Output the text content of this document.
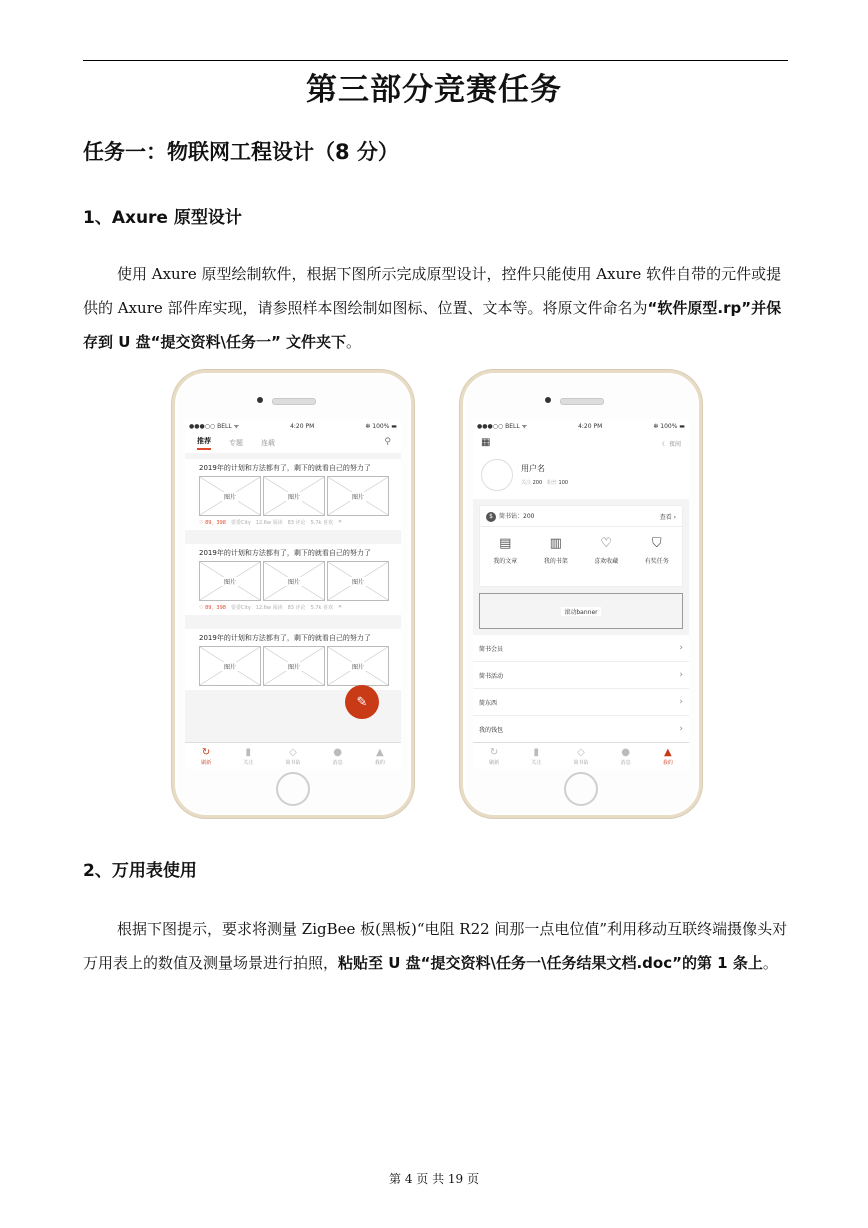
第三部分竞赛任务
任务一：物联网工程设计（8 分）
1、Axure 原型设计
使用 Axure 原型绘制软件，根据下图所示完成原型设计，控件只能使用 Axure 软件自带的元件或提供的 Axure 部件库实现，请参照样本图绘制如图标、位置、文本等。将原文件命名为“软件原型.rp”并保存到 U 盘“提交资料\任务一” 文件夹下。
●●●○○ BELL ᯤ	4:20 PM	✻ 100% ▬
推荐	专题	连载	⚲
2019年的计划和方法都有了，剩下的就看自己的努力了
图片	图片	图片
♡ 89，398 要委City 12.6w 阅读 83 评论 5.7k 喜欢 ✕
2019年的计划和方法都有了，剩下的就看自己的努力了
图片	图片	图片
♡ 89，398 要委City 12.6w 阅读 83 评论 5.7k 喜欢 ✕
2019年的计划和方法都有了，剩下的就看自己的努力了
图片	图片	图片
✎
↻
刷新
▮
关注
◇
简书钻
●
消息
▲
我的
●●●○○ BELL ᯤ	4:20 PM	✻ 100% ▬
▦	☾ 夜间
用户名
关注 200 粉丝 100
$ 简书钻：200	查看 ›
▤
我的文章
▥
我的书架
♡
喜欢收藏
⛉
有奖任务
滚动banner
简书会员	›
简书活动	›
简东西	›
我的钱包	›
↻
刷新
▮
关注
◇
简书钻
●
消息
▲
我的
2、万用表使用
根据下图提示，要求将测量 ZigBee 板(黑板)“电阻 R22 间那一点电位值”利用移动互联终端摄像头对万用表上的数值及测量场景进行拍照，粘贴至 U 盘“提交资料\任务一\任务结果文档.doc”的第 1 条上。
第 4 页 共 19 页
